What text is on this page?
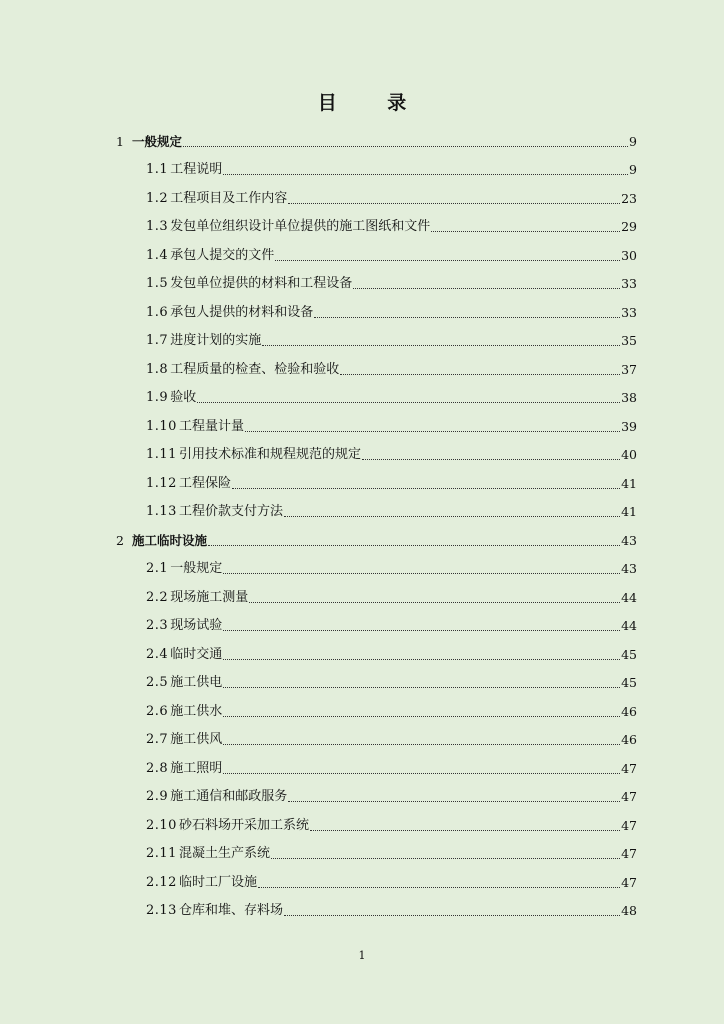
目 录
1 一般规定	9
1.1 工程说明	9
1.2 工程项目及工作内容	23
1.3 发包单位组织设计单位提供的施工图纸和文件	29
1.4 承包人提交的文件	30
1.5 发包单位提供的材料和工程设备	33
1.6 承包人提供的材料和设备	33
1.7 进度计划的实施	35
1.8 工程质量的检查、检验和验收	37
1.9 验收	38
1.10 工程量计量	39
1.11 引用技术标准和规程规范的规定	40
1.12 工程保险	41
1.13 工程价款支付方法	41
2 施工临时设施	43
2.1 一般规定	43
2.2 现场施工测量	44
2.3 现场试验	44
2.4 临时交通	45
2.5 施工供电	45
2.6 施工供水	46
2.7 施工供风	46
2.8 施工照明	47
2.9 施工通信和邮政服务	47
2.10 砂石料场开采加工系统	47
2.11 混凝土生产系统	47
2.12 临时工厂设施	47
2.13 仓库和堆、存料场	48
1
